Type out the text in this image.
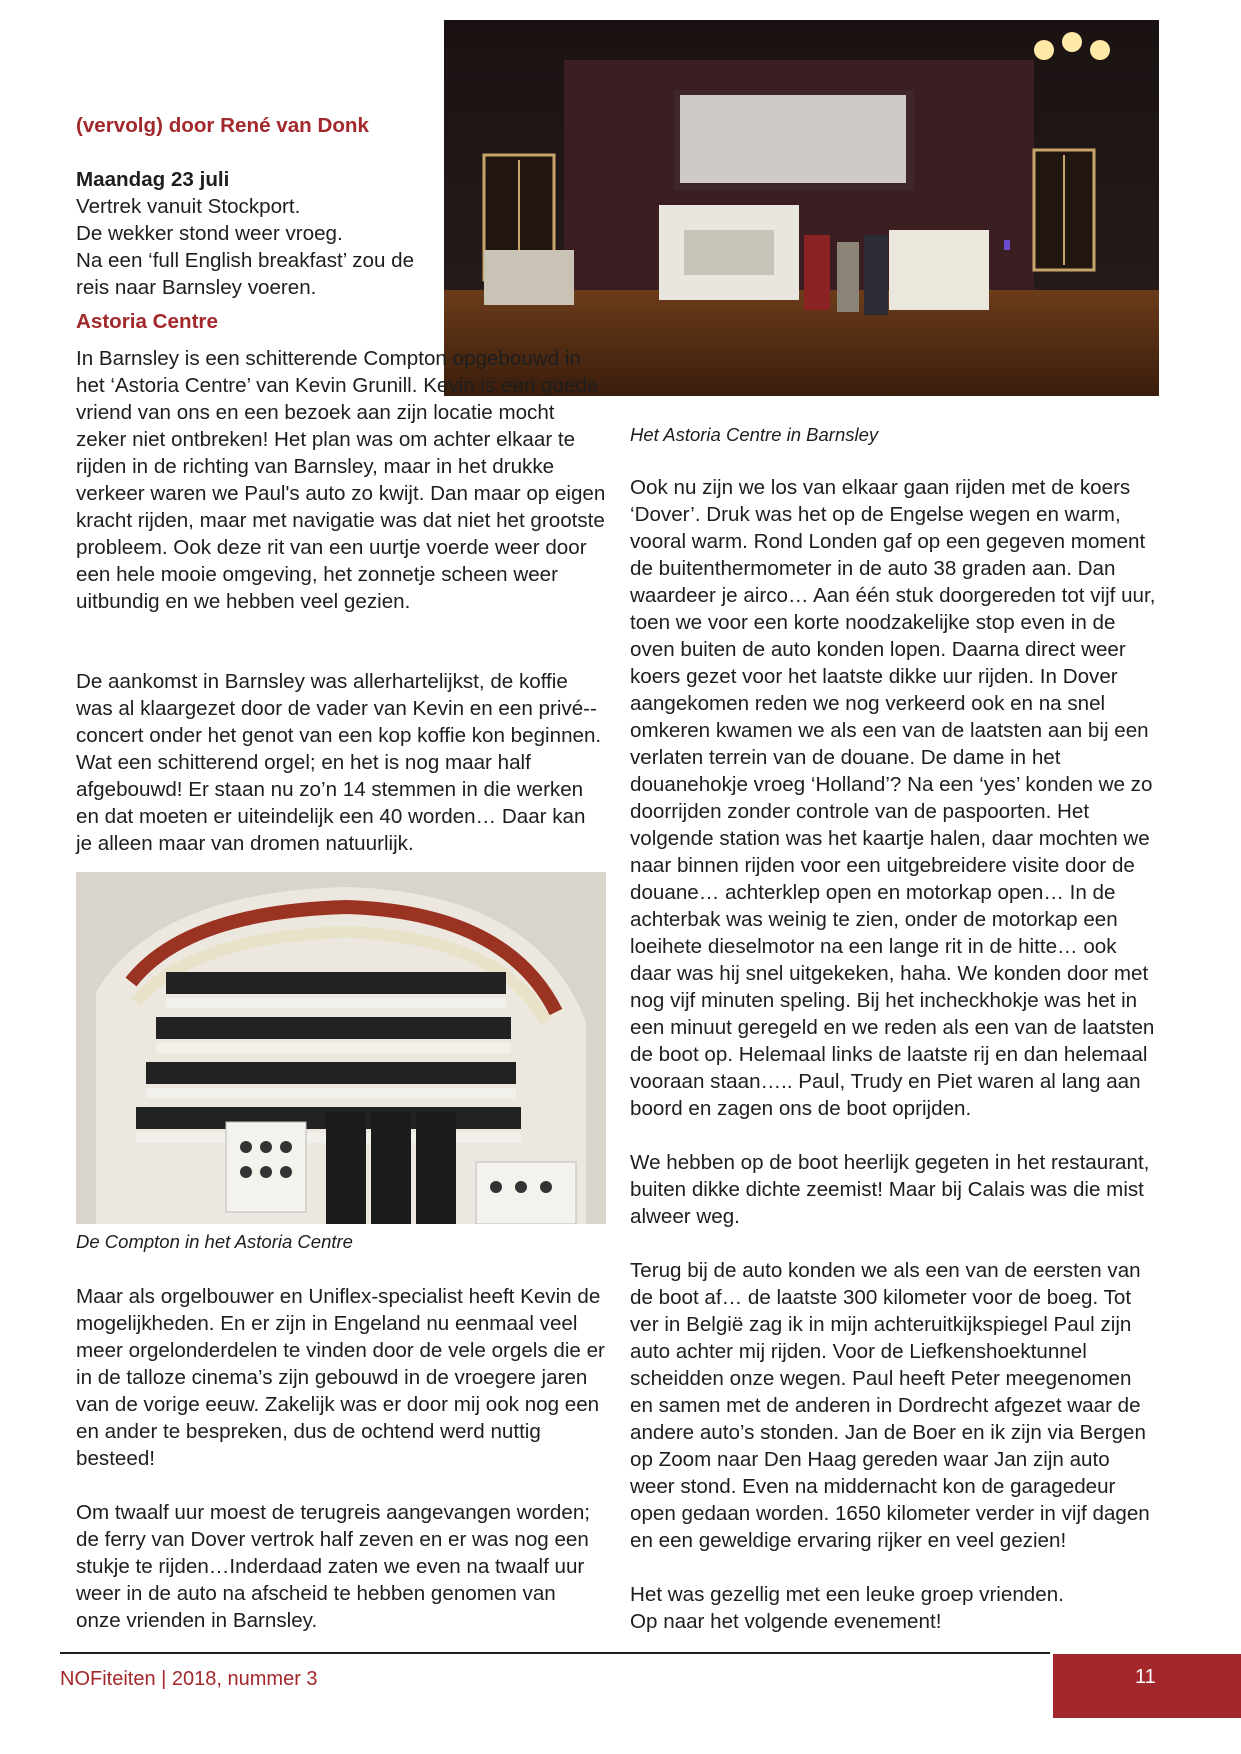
(vervolg) door René van Donk

Maandag 23 juli

Vertrek vanuit Stockport.

De wekker stond weer vroeg.

Na een ‘full English breakfast’ zou de reis naar Barnsley voeren.

Astoria Centre

In Barnsley is een schitterende Compton opgebouwd in het ‘Astoria Centre’ van Kevin Grunill. Kevin is een goede vriend van ons en een bezoek aan zijn locatie mocht zeker niet ontbreken! Het plan was om achter elkaar te rijden in de richting van Barnsley, maar in het drukke verkeer waren we Paul's auto zo kwijt. Dan maar op eigen kracht rijden, maar met navigatie was dat niet het grootste probleem. Ook deze rit van een uurtje voerde weer door een hele mooie omgeving, het zonnetje scheen weer uitbundig en we hebben veel gezien.

De aankomst in Barnsley was allerhartelijkst, de koffie was al klaargezet door de vader van Kevin en een privé--concert onder het genot van een kop koffie kon beginnen. Wat een schitterend orgel; en het is nog maar half afgebouwd! Er staan nu zo’n 14 stemmen in die werken en dat moeten er uiteindelijk een 40 worden… Daar kan je alleen maar van dromen natuurlijk.

De Compton in het Astoria Centre

Maar als orgelbouwer en Uniflex-specialist heeft Kevin de mogelijkheden. En er zijn in Engeland nu eenmaal veel meer orgelonderdelen te vinden door de vele orgels die er in de talloze cinema’s zijn gebouwd in de vroegere jaren van de vorige eeuw. Zakelijk was er door mij ook nog een en ander te bespreken, dus de ochtend werd nuttig besteed!

Om twaalf uur moest de terugreis aangevangen worden; de ferry van Dover vertrok half zeven en er was nog een stukje te rijden…Inderdaad zaten we even na twaalf uur weer in de auto na afscheid te hebben genomen van onze vrienden in Barnsley.

Het Astoria Centre in Barnsley

Ook nu zijn we los van elkaar gaan rijden met de koers ‘Dover’. Druk was het op de Engelse wegen en warm, vooral warm. Rond Londen gaf op een gegeven moment de buitenthermometer in de auto 38 graden aan. Dan waardeer je airco… Aan één stuk doorgereden tot vijf uur, toen we voor een korte noodzakelijke stop even in de oven buiten de auto konden lopen. Daarna direct weer koers gezet voor het laatste dikke uur rijden. In Dover aangekomen reden we nog verkeerd ook en na snel omkeren kwamen we als een van de laatsten aan bij een verlaten terrein van de douane. De dame in het douanehokje vroeg ‘Holland’? Na een ‘yes’ konden we zo doorrijden zonder controle van de paspoorten. Het volgende station was het kaartje halen, daar mochten we naar binnen rijden voor een uitgebreidere visite door de douane… achterklep open en motorkap open… In de achterbak was weinig te zien, onder de motorkap een loeihete dieselmotor na een lange rit in de hitte… ook daar was hij snel uitgekeken, haha. We konden door met nog vijf minuten speling. Bij het incheckhokje was het in een minuut geregeld en we reden als een van de laatsten de boot op. Helemaal links de laatste rij en dan helemaal vooraan staan….. Paul, Trudy en Piet waren al lang aan boord en zagen ons de boot oprijden.

We hebben op de boot heerlijk gegeten in het restaurant, buiten dikke dichte zeemist! Maar bij Calais was die mist alweer weg.

Terug bij de auto konden we als een van de eersten van de boot af… de laatste 300 kilometer voor de boeg. Tot ver in België zag ik in mijn achteruitkijkspiegel Paul zijn auto achter mij rijden. Voor de Liefkenshoektunnel scheidden onze wegen. Paul heeft Peter meegenomen en samen met de anderen in Dordrecht afgezet waar de andere auto’s stonden. Jan de Boer en ik zijn via Bergen op Zoom naar Den Haag gereden waar Jan zijn auto weer stond. Even na middernacht kon de garagedeur open gedaan worden. 1650 kilometer verder in vijf dagen en een geweldige ervaring rijker en veel gezien!

Het was gezellig met een leuke groep vrienden.

Op naar het volgende evenement!

NOFiteiten | 2018, nummer 3	11
